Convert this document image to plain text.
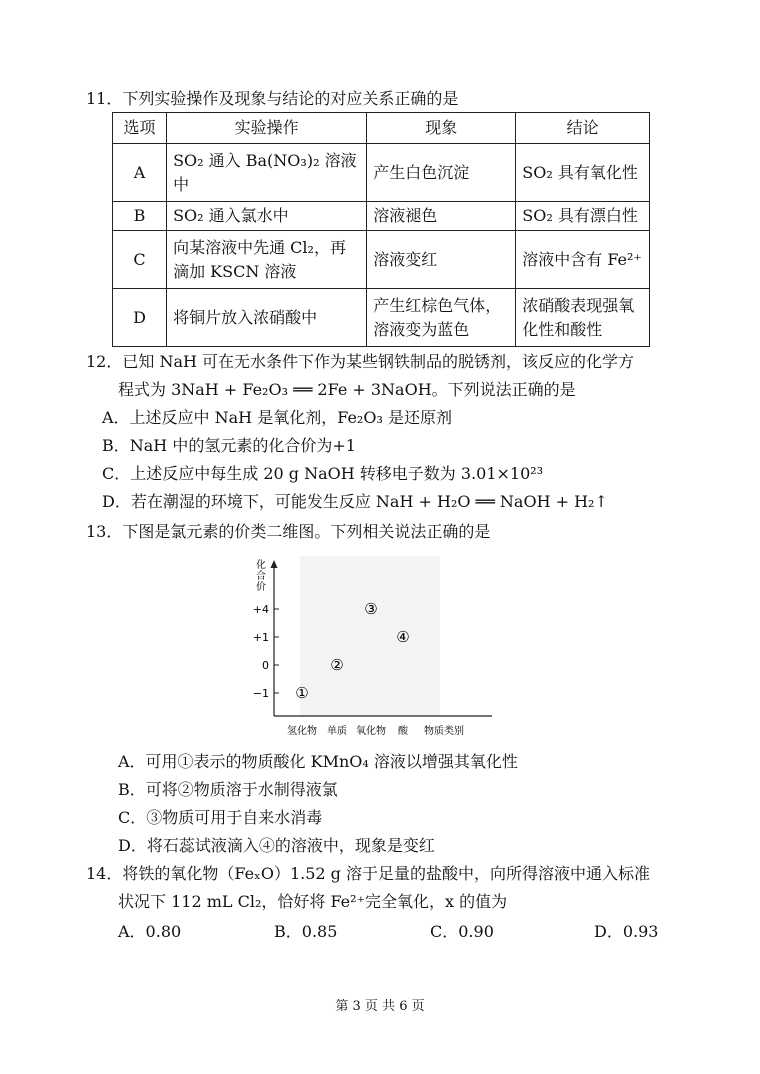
11．下列实验操作及现象与结论的对应关系正确的是
选项	实验操作	现象	结论
A	SO₂ 通入 Ba(NO₃)₂ 溶液中	产生白色沉淀	SO₂ 具有氧化性
B	SO₂ 通入氯水中	溶液褪色	SO₂ 具有漂白性
C	向某溶液中先通 Cl₂，再滴加 KSCN 溶液	溶液变红	溶液中含有 Fe²⁺
D	将铜片放入浓硝酸中	产生红棕色气体，溶液变为蓝色	浓硝酸表现强氧化性和酸性
12．已知 NaH 可在无水条件下作为某些钢铁制品的脱锈剂，该反应的化学方
程式为 3NaH + Fe₂O₃ ══ 2Fe + 3NaOH。下列说法正确的是
A．上述反应中 NaH 是氧化剂，Fe₂O₃ 是还原剂
B．NaH 中的氢元素的化合价为+1
C．上述反应中每生成 20 g NaOH 转移电子数为 3.01×10²³
D．若在潮湿的环境下，可能发生反应 NaH + H₂O ══ NaOH + H₂↑
13．下图是氯元素的价类二维图。下列相关说法正确的是
化
合
价
+4
+1
0
−1
氢化物 单质 氧化物 酸
①
②
③
④
物质类别
A．可用①表示的物质酸化 KMnO₄ 溶液以增强其氧化性
B．可将②物质溶于水制得液氯
C．③物质可用于自来水消毒
D．将石蕊试液滴入④的溶液中，现象是变红
14．将铁的氧化物（FeₓO）1.52 g 溶于足量的盐酸中，向所得溶液中通入标准
状况下 112 mL Cl₂，恰好将 Fe²⁺完全氧化，x 的值为
A．0.80	B．0.85	C．0.90	D．0.93
第 3 页 共 6 页
